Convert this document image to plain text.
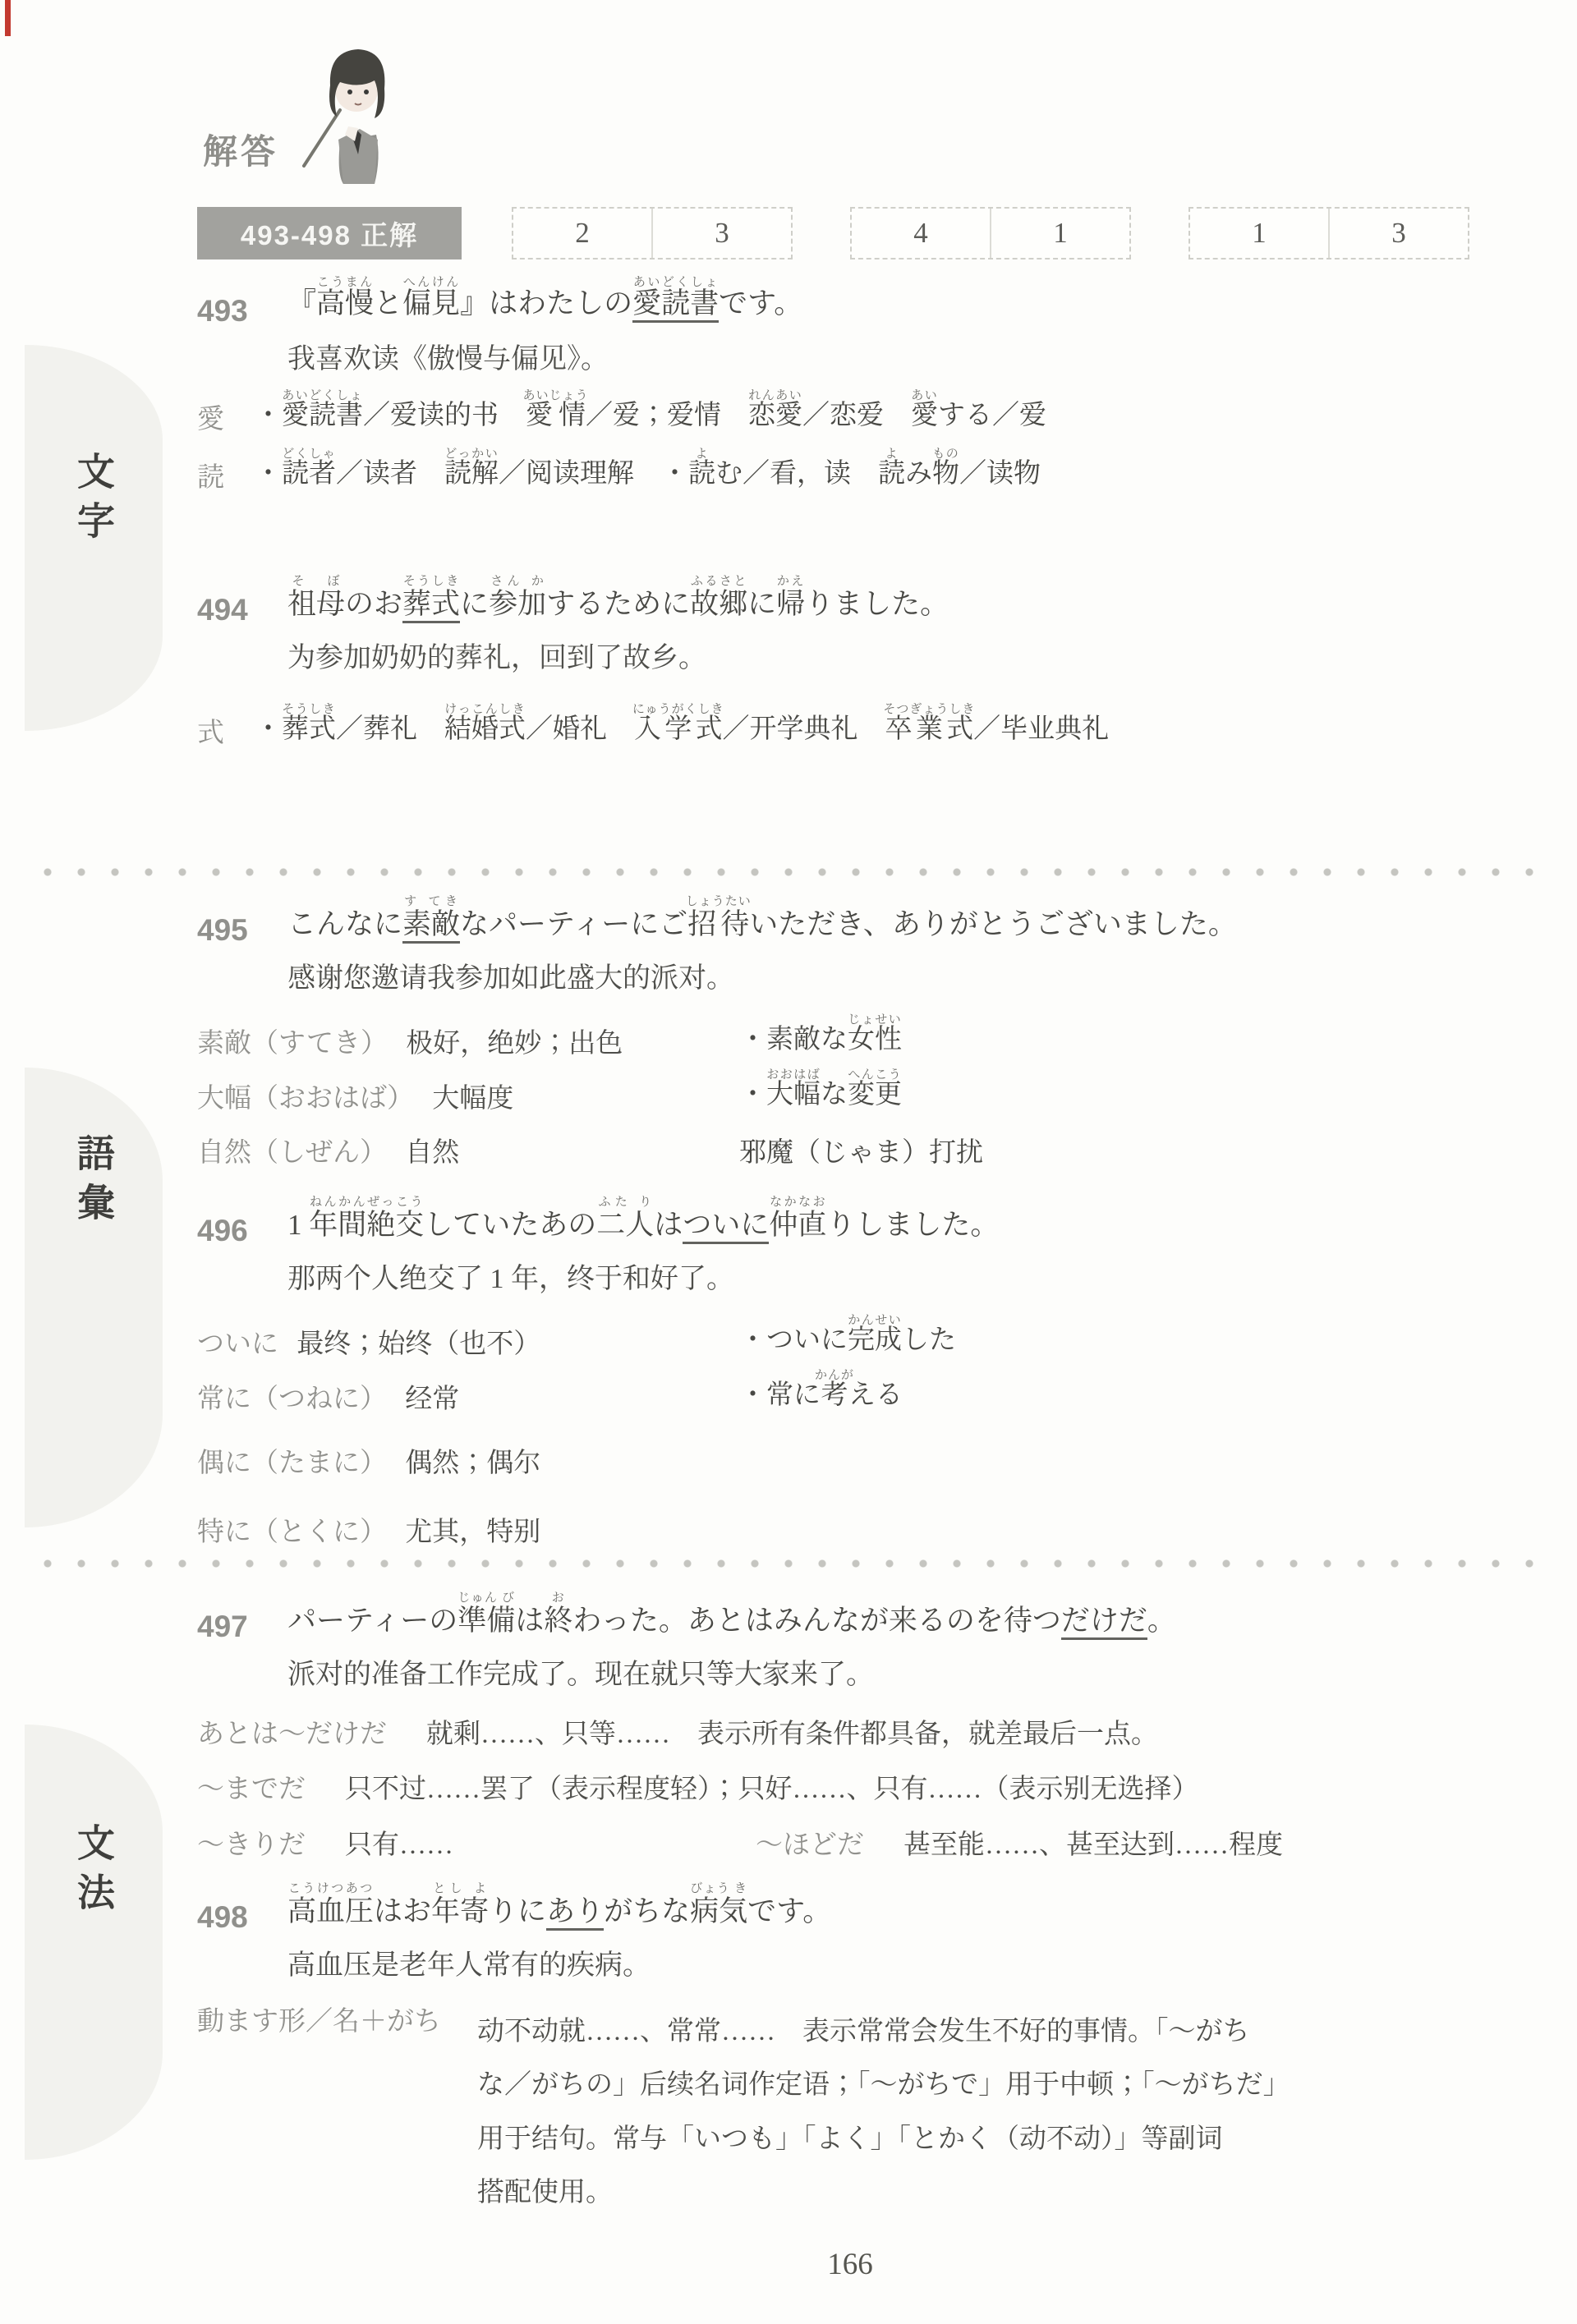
文字
語彙
文法
解答
493-498 正解	2	3	4	1	1	3
493	『高慢こうまんと偏見へんけん』はわたしの愛読書あいどくしょです。
我喜欢读《傲慢与偏见》。
愛	・愛読書あいどくしょ／爱读的书　愛情あいじょう／爱；爱情　恋愛れんあい／恋爱　愛あいする／爱
読	・読者どくしゃ／读者　読解どっかい／阅读理解　・読よむ／看，读　読よみ物もの／读物
494	祖母そ ぼのお葬式そうしきに参加さん かするために故郷ふるさとに帰かえりました。
为参加奶奶的葬礼，回到了故乡。
式	・葬式そうしき／葬礼　結婚式けっこんしき／婚礼　入学式にゅうがくしき／开学典礼　卒業式そつぎょうしき／毕业典礼
495	こんなに素敵す てきなパーティーにご招待しょうたいいただき、ありがとうございました。
感谢您邀请我参加如此盛大的派对。
素敵（すてき） 极好，绝妙；出色	・素敵な女性じょせい
大幅（おおはば） 大幅度	・大幅おおはばな変更へんこう
自然（しぜん） 自然	邪魔（じゃま）打扰
496	1 年間絶交ねんかんぜっこうしていたあの二人ふた りはついに仲直なかなおりしました。
那两个人绝交了 1 年，终于和好了。
ついに 最终；始终（也不）	・ついに完成かんせいした
常に（つねに） 经常	・常に考かんがえる
偶に（たまに） 偶然；偶尔
特に（とくに） 尤其，特别
497	パーティーの準備じゅん びは終おわった。あとはみんなが来るのを待つだけだ。
派对的准备工作完成了。现在就只等大家来了。
あとは～だけだ 就剩……、只等……　表示所有条件都具备，就差最后一点。
～までだ 只不过……罢了（表示程度轻）；只好……、只有……（表示别无选择）
～きりだ 只有……	～ほどだ 甚至能……、甚至达到……程度
498	高血圧こうけつあつはお年寄とし よりにありがちな病気びょう きです。
高血压是老年人常有的疾病。
動ます形／名＋がち 动不动就……、常常……　表示常常会发生不好的事情。「～がち
な／がちの」后续名词作定语；「～がちで」用于中顿；「～がちだ」
用于结句。常与「いつも」「よく」「とかく（动不动）」等副词
搭配使用。
166
